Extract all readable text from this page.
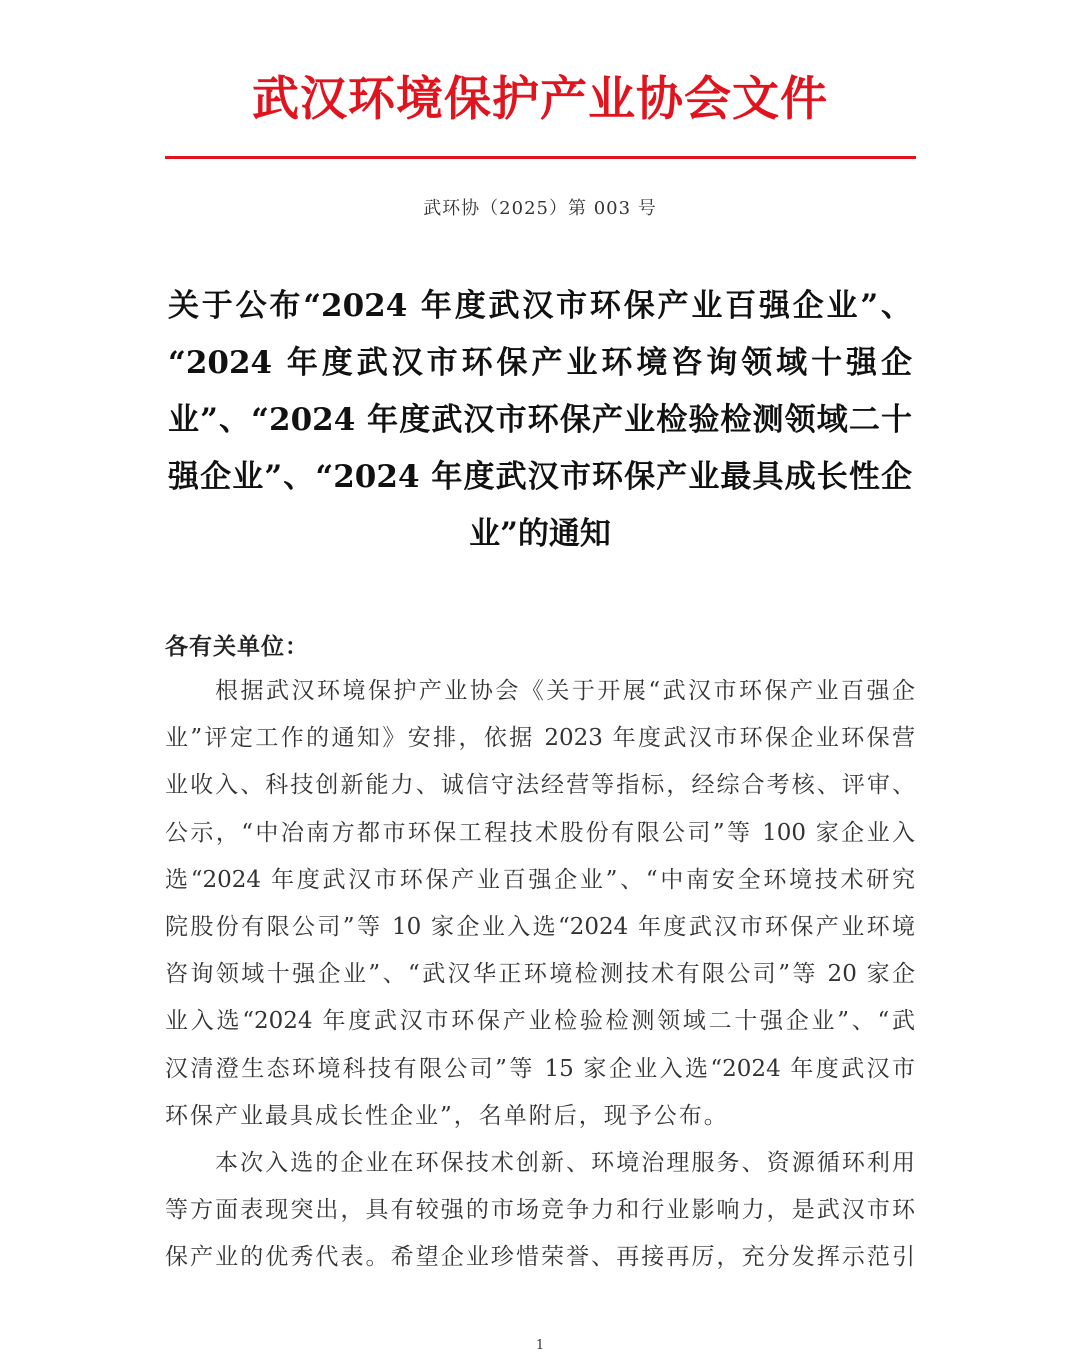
武汉环境保护产业协会文件
武环协（2025）第 003 号
关于公布“2024 年度武汉市环保产业百强企业”、
“2024 年度武汉市环保产业环境咨询领域十强企
业”、“2024 年度武汉市环保产业检验检测领域二十
强企业”、“2024 年度武汉市环保产业最具成长性企
业”的通知
各有关单位：
根据武汉环境保护产业协会《关于开展“武汉市环保产业百强企
业”评定工作的通知》安排，依据 2023 年度武汉市环保企业环保营
业收入、科技创新能力、诚信守法经营等指标，经综合考核、评审、
公示，“中冶南方都市环保工程技术股份有限公司”等 100 家企业入
选“2024 年度武汉市环保产业百强企业”、“中南安全环境技术研究
院股份有限公司”等 10 家企业入选“2024 年度武汉市环保产业环境
咨询领域十强企业”、“武汉华正环境检测技术有限公司”等 20 家企
业入选“2024 年度武汉市环保产业检验检测领域二十强企业”、“武
汉清澄生态环境科技有限公司”等 15 家企业入选“2024 年度武汉市
环保产业最具成长性企业”，名单附后，现予公布。
本次入选的企业在环保技术创新、环境治理服务、资源循环利用
等方面表现突出，具有较强的市场竞争力和行业影响力，是武汉市环
保产业的优秀代表。希望企业珍惜荣誉、再接再厉，充分发挥示范引
1
